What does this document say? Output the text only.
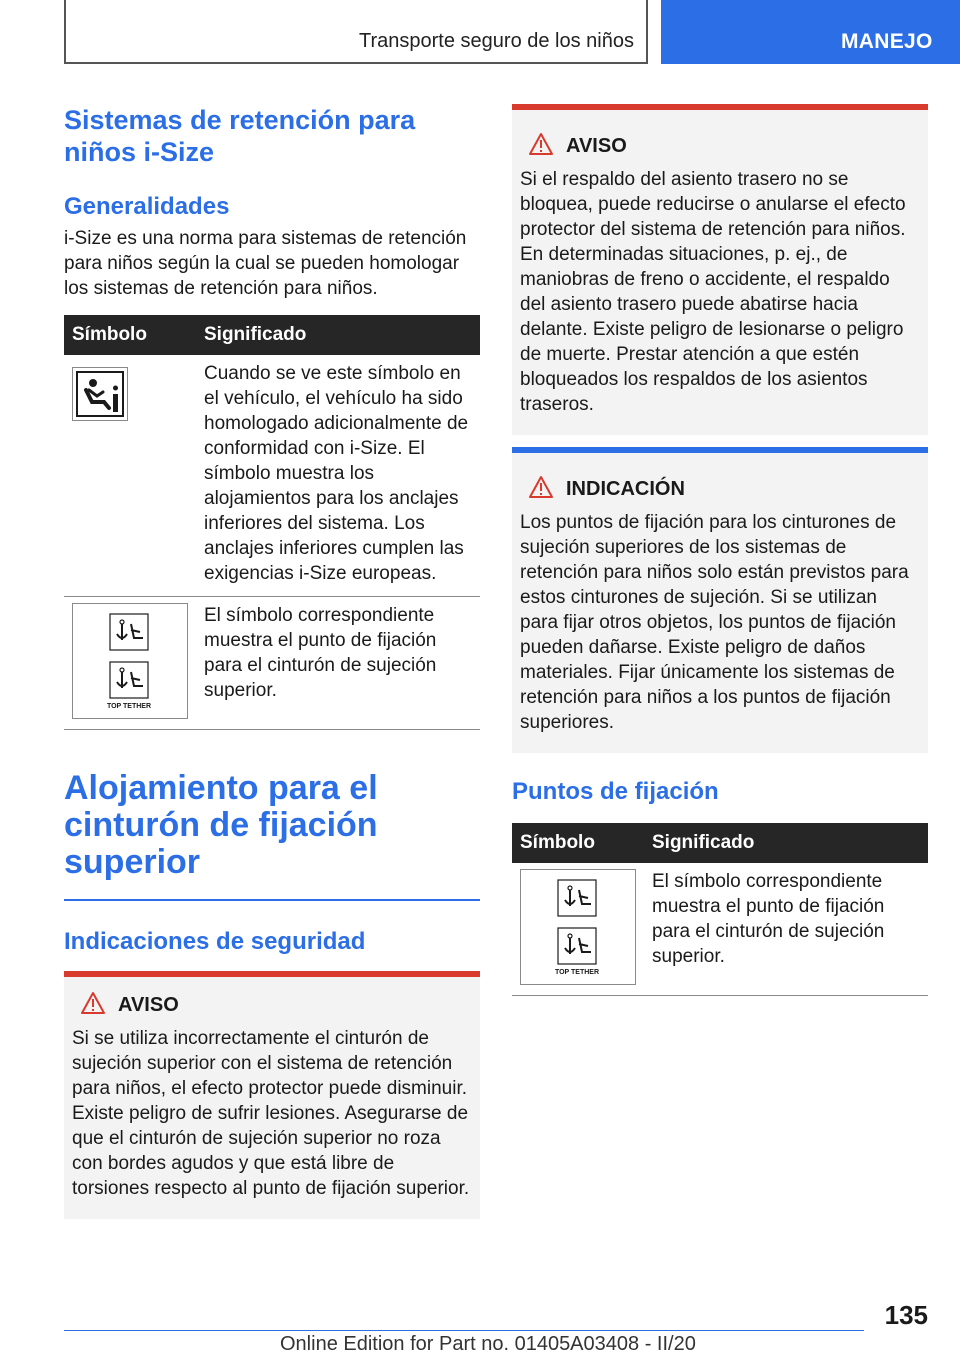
Transporte seguro de los niños	MANEJO
Sistemas de retención para niños i-Size
Generalidades
i-Size es una norma para sistemas de retención para niños según la cual se pueden homologar los sistemas de retención para niños.
Símbolo	Significado

	Cuando se ve este símbolo en el vehículo, el vehículo ha sido homologado adicionalmente de conformidad con i-Size. El símbolo muestra los alojamientos para los anclajes inferiores del sistema. Los anclajes inferiores cumplen las exigencias i-Size europeas.

TOP TETHER	El símbolo correspondiente muestra el punto de fijación para el cinturón de sujeción superior.
Alojamiento para el cinturón de fijación superior
Indicaciones de seguridad
AVISO
Si se utiliza incorrectamente el cinturón de sujeción superior con el sistema de retención para niños, el efecto protector puede disminuir. Existe peligro de sufrir lesiones. Asegurarse de que el cinturón de sujeción superior no roza con bordes agudos y que está libre de torsiones respecto al punto de fijación superior.
AVISO
Si el respaldo del asiento trasero no se bloquea, puede reducirse o anularse el efecto protector del sistema de retención para niños. En determinadas situaciones, p. ej., de maniobras de freno o accidente, el respaldo del asiento trasero puede abatirse hacia delante. Existe peligro de lesionarse o peligro de muerte. Prestar atención a que estén bloqueados los respaldos de los asientos traseros.
INDICACIÓN
Los puntos de fijación para los cinturones de sujeción superiores de los sistemas de retención para niños solo están previstos para estos cinturones de sujeción. Si se utilizan para fijar otros objetos, los puntos de fijación pueden dañarse. Existe peligro de daños materiales. Fijar únicamente los sistemas de retención para niños a los puntos de fijación superiores.
Puntos de fijación
Símbolo	Significado

TOP TETHER	El símbolo correspondiente muestra el punto de fijación para el cinturón de sujeción superior.
135
Online Edition for Part no. 01405A03408 - II/20
